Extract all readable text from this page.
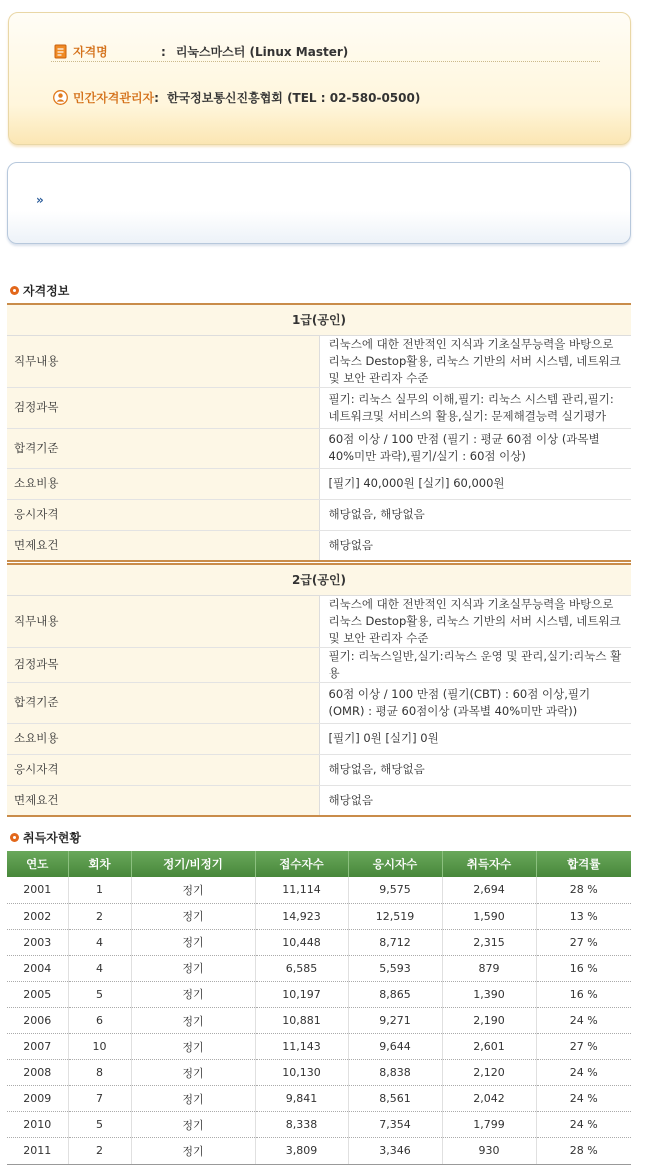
자격명	: 리눅스마스터 (Linux Master)
민간자격관리자 : 한국정보통신진흥협회 (TEL : 02-580-0500)
»
자격정보
1급(공인)	
직무내용	리눅스에 대한 전반적인 지식과 기초실무능력을 바탕으로 리눅스 Destop활용, 리눅스 기반의 서버 시스템, 네트워크 및 보안 관리자 수준
검정과목	필기: 리눅스 실무의 이해,필기: 리눅스 시스템 관리,필기: 네트워크및 서비스의 활용,실기: 문제해결능력 실기평가
합격기준	60점 이상 / 100 만점 (필기 : 평균 60점 이상 (과목별 40%미만 과락),필기/실기 : 60점 이상)
소요비용	[필기] 40,000원 [실기] 60,000원
응시자격	해당없음, 해당없음
면제요건	해당없음
2급(공인)	
직무내용	리눅스에 대한 전반적인 지식과 기초실무능력을 바탕으로 리눅스 Destop활용, 리눅스 기반의 서버 시스템, 네트워크 및 보안 관리자 수준
검정과목	필기: 리눅스일반,실기:리눅스 운영 및 관리,실기:리눅스 활용
합격기준	60점 이상 / 100 만점 (필기(CBT) : 60점 이상,필기(OMR) : 평균 60점이상 (과목별 40%미만 과락))
소요비용	[필기] 0원 [실기] 0원
응시자격	해당없음, 해당없음
면제요건	해당없음
취득자현황
연도	회차	정기/비정기	접수자수	응시자수	취득자수	합격률
2001	1	정기	11,114	9,575	2,694	28 %
2002	2	정기	14,923	12,519	1,590	13 %
2003	4	정기	10,448	8,712	2,315	27 %
2004	4	정기	6,585	5,593	879	16 %
2005	5	정기	10,197	8,865	1,390	16 %
2006	6	정기	10,881	9,271	2,190	24 %
2007	10	정기	11,143	9,644	2,601	27 %
2008	8	정기	10,130	8,838	2,120	24 %
2009	7	정기	9,841	8,561	2,042	24 %
2010	5	정기	8,338	7,354	1,799	24 %
2011	2	정기	3,809	3,346	930	28 %
